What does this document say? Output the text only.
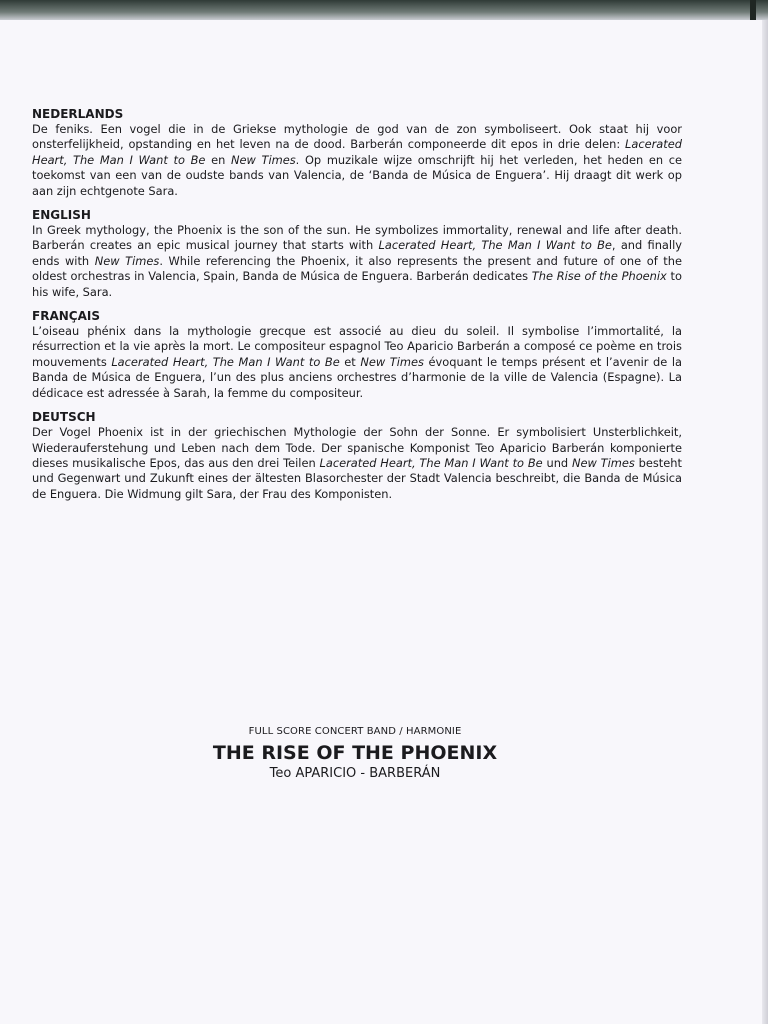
NEDERLANDS

De feniks. Een vogel die in de Griekse mythologie de god van de zon symboliseert. Ook staat hij voor onsterfelijkheid, opstanding en het leven na de dood. Barberán componeerde dit epos in drie delen: Lacerated Heart, The Man I Want to Be en New Times. Op muzikale wijze omschrijft hij het verleden, het heden en ce toekomst van een van de oudste bands van Valencia, de ‘Banda de Música de Enguera’. Hij draagt dit werk op aan zijn echtgenote Sara.

ENGLISH

In Greek mythology, the Phoenix is the son of the sun. He symbolizes immortality, renewal and life after death. Barberán creates an epic musical journey that starts with Lacerated Heart, The Man I Want to Be, and finally ends with New Times. While referencing the Phoenix, it also represents the present and future of one of the oldest orchestras in Valencia, Spain, Banda de Música de Enguera. Barberán dedicates The Rise of the Phoenix to his wife, Sara.

FRANÇAIS

L’oiseau phénix dans la mythologie grecque est associé au dieu du soleil. Il symbolise l’immortalité, la résurrection et la vie après la mort. Le compositeur espagnol Teo Aparicio Barberán a composé ce poème en trois mouvements Lacerated Heart, The Man I Want to Be et New Times évoquant le temps présent et l’avenir de la Banda de Música de Enguera, l’un des plus anciens orchestres d’harmonie de la ville de Valencia (Espagne). La dédicace est adressée à Sarah, la femme du compositeur.

DEUTSCH

Der Vogel Phoenix ist in der griechischen Mythologie der Sohn der Sonne. Er symbolisiert Unsterblichkeit, Wiederauferstehung und Leben nach dem Tode. Der spanische Komponist Teo Aparicio Barberán komponierte dieses musikalische Epos, das aus den drei Teilen Lacerated Heart, The Man I Want to Be und New Times besteht und Gegenwart und Zukunft eines der ältesten Blasorchester der Stadt Valencia beschreibt, die Banda de Música de Enguera. Die Widmung gilt Sara, der Frau des Komponisten.

FULL SCORE CONCERT BAND / HARMONIE
THE RISE OF THE PHOENIX
Teo APARICIO - BARBERÁN
